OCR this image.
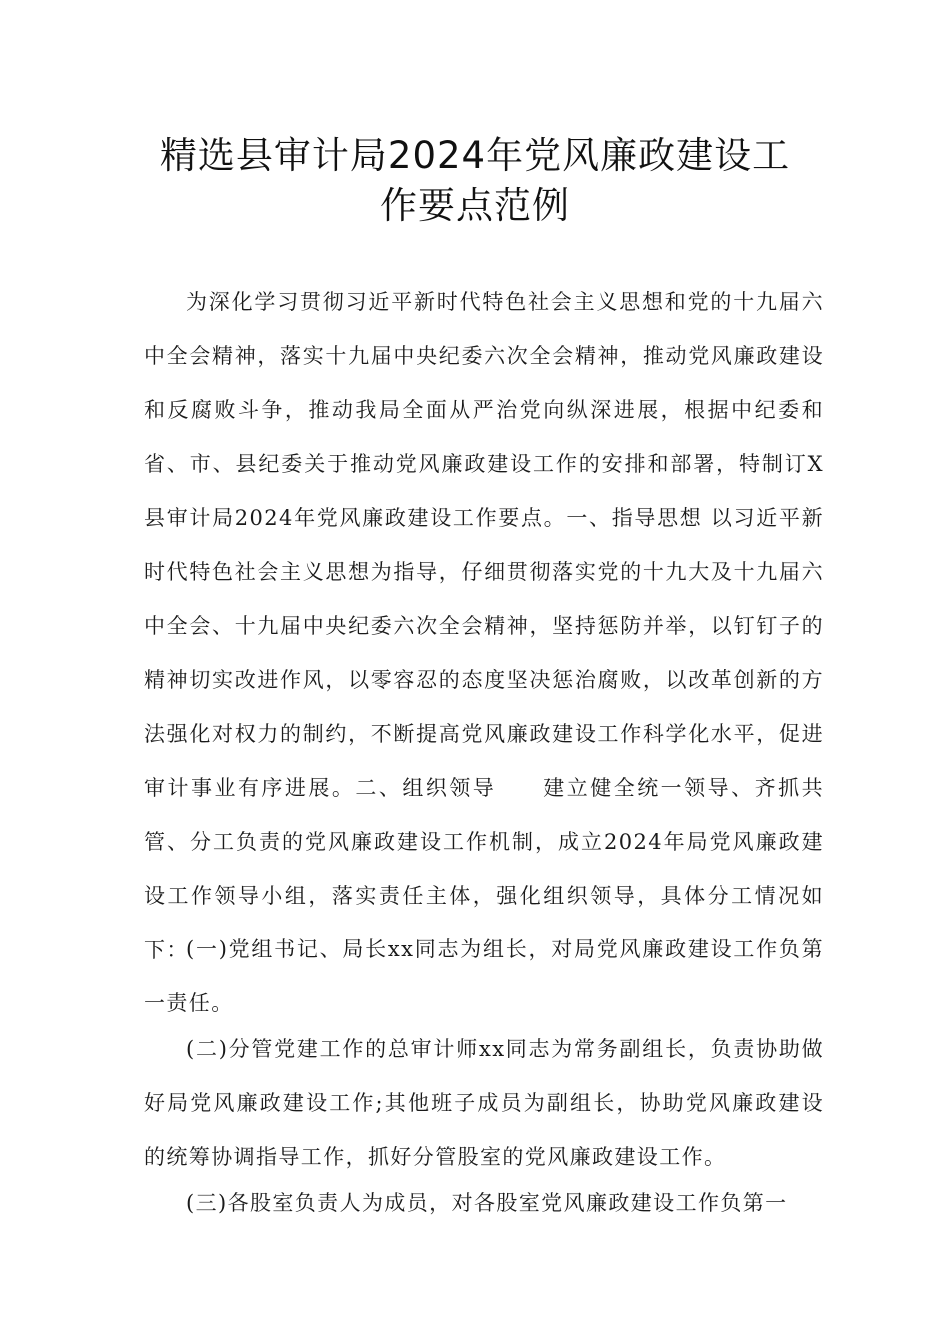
精选县审计局2024年党风廉政建设工
作要点范例

为深化学习贯彻习近平新时代特色社会主义思想和党的十九届六中全会精神，落实十九届中央纪委六次全会精神，推动党风廉政建设和反腐败斗争，推动我局全面从严治党向纵深进展，根据中纪委和省、市、县纪委关于推动党风廉政建设工作的安排和部署，特制订X县审计局2024年党风廉政建设工作要点。一、指导思想 以习近平新时代特色社会主义思想为指导，仔细贯彻落实党的十九大及十九届六中全会、十九届中央纪委六次全会精神，坚持惩防并举，以钉钉子的精神切实改进作风，以零容忍的态度坚决惩治腐败，以改革创新的方法强化对权力的制约，不断提高党风廉政建设工作科学化水平，促进审计事业有序进展。二、组织领导　　建立健全统一领导、齐抓共管、分工负责的党风廉政建设工作机制，成立2024年局党风廉政建设工作领导小组，落实责任主体，强化组织领导，具体分工情况如下：

(一)党组书记、局长xx同志为组长，对局党风廉政建设工作负第一责任。

(二)分管党建工作的总审计师xx同志为常务副组长，负责协助做好局党风廉政建设工作;其他班子成员为副组长，协助党风廉政建设的统筹协调指导工作，抓好分管股室的党风廉政建设工作。

(三)各股室负责人为成员，对各股室党风廉政建设工作负第一
